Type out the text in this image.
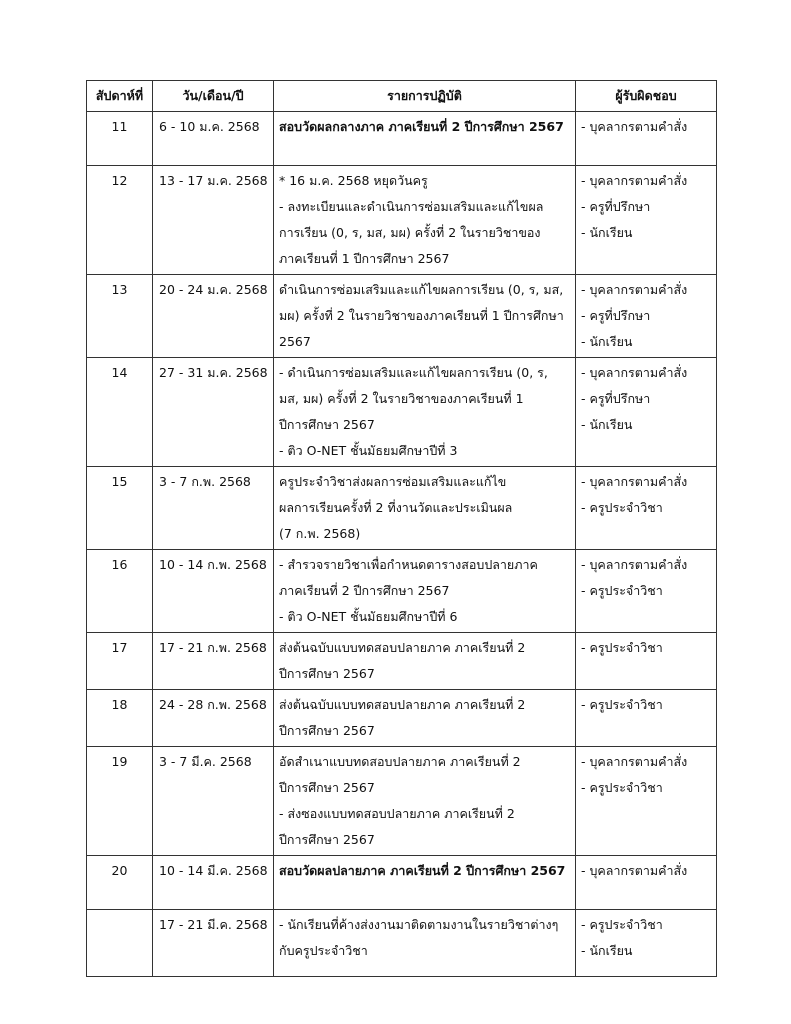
สัปดาห์ที่	วัน/เดือน/ปี	รายการปฏิบัติ	ผู้รับผิดชอบ
11	6 - 10 ม.ค. 2568	สอบวัดผลกลางภาค ภาคเรียนที่ 2 ปีการศึกษา 2567	- บุคลากรตามคำสั่ง

12	13 - 17 ม.ค. 2568	* 16 ม.ค. 2568 หยุดวันครู
- ลงทะเบียนและดำเนินการซ่อมเสริมและแก้ไขผล
การเรียน (0, ร, มส, มผ) ครั้งที่ 2 ในรายวิชาของ
ภาคเรียนที่ 1 ปีการศึกษา 2567	- บุคลากรตามคำสั่ง
- ครูที่ปรึกษา
- นักเรียน

13	20 - 24 ม.ค. 2568	ดำเนินการซ่อมเสริมและแก้ไขผลการเรียน (0, ร, มส,
มผ) ครั้งที่ 2 ในรายวิชาของภาคเรียนที่ 1 ปีการศึกษา
2567	- บุคลากรตามคำสั่ง
- ครูที่ปรึกษา
- นักเรียน

14	27 - 31 ม.ค. 2568	- ดำเนินการซ่อมเสริมและแก้ไขผลการเรียน (0, ร,
มส, มผ) ครั้งที่ 2 ในรายวิชาของภาคเรียนที่ 1
ปีการศึกษา 2567
- ติว O-NET ชั้นมัธยมศึกษาปีที่ 3	- บุคลากรตามคำสั่ง
- ครูที่ปรึกษา
- นักเรียน

15	3 - 7 ก.พ. 2568	ครูประจำวิชาส่งผลการซ่อมเสริมและแก้ไข
ผลการเรียนครั้งที่ 2 ที่งานวัดและประเมินผล
(7 ก.พ. 2568)	- บุคลากรตามคำสั่ง
- ครูประจำวิชา

16	10 - 14 ก.พ. 2568	- สำรวจรายวิชาเพื่อกำหนดตารางสอบปลายภาค
ภาคเรียนที่ 2 ปีการศึกษา 2567
- ติว O-NET ชั้นมัธยมศึกษาปีที่ 6	- บุคลากรตามคำสั่ง
- ครูประจำวิชา

17	17 - 21 ก.พ. 2568	ส่งต้นฉบับแบบทดสอบปลายภาค ภาคเรียนที่ 2
ปีการศึกษา 2567	- ครูประจำวิชา

18	24 - 28 ก.พ. 2568	ส่งต้นฉบับแบบทดสอบปลายภาค ภาคเรียนที่ 2
ปีการศึกษา 2567	- ครูประจำวิชา

19	3 - 7 มี.ค. 2568	อัดสำเนาแบบทดสอบปลายภาค ภาคเรียนที่ 2
ปีการศึกษา 2567
- ส่งซองแบบทดสอบปลายภาค ภาคเรียนที่ 2
ปีการศึกษา 2567	- บุคลากรตามคำสั่ง
- ครูประจำวิชา

20	10 - 14 มี.ค. 2568	สอบวัดผลปลายภาค ภาคเรียนที่ 2 ปีการศึกษา 2567	- บุคลากรตามคำสั่ง

	17 - 21 มี.ค. 2568	- นักเรียนที่ค้างส่งงานมาติดตามงานในรายวิชาต่างๆ
กับครูประจำวิชา	- ครูประจำวิชา
- นักเรียน
